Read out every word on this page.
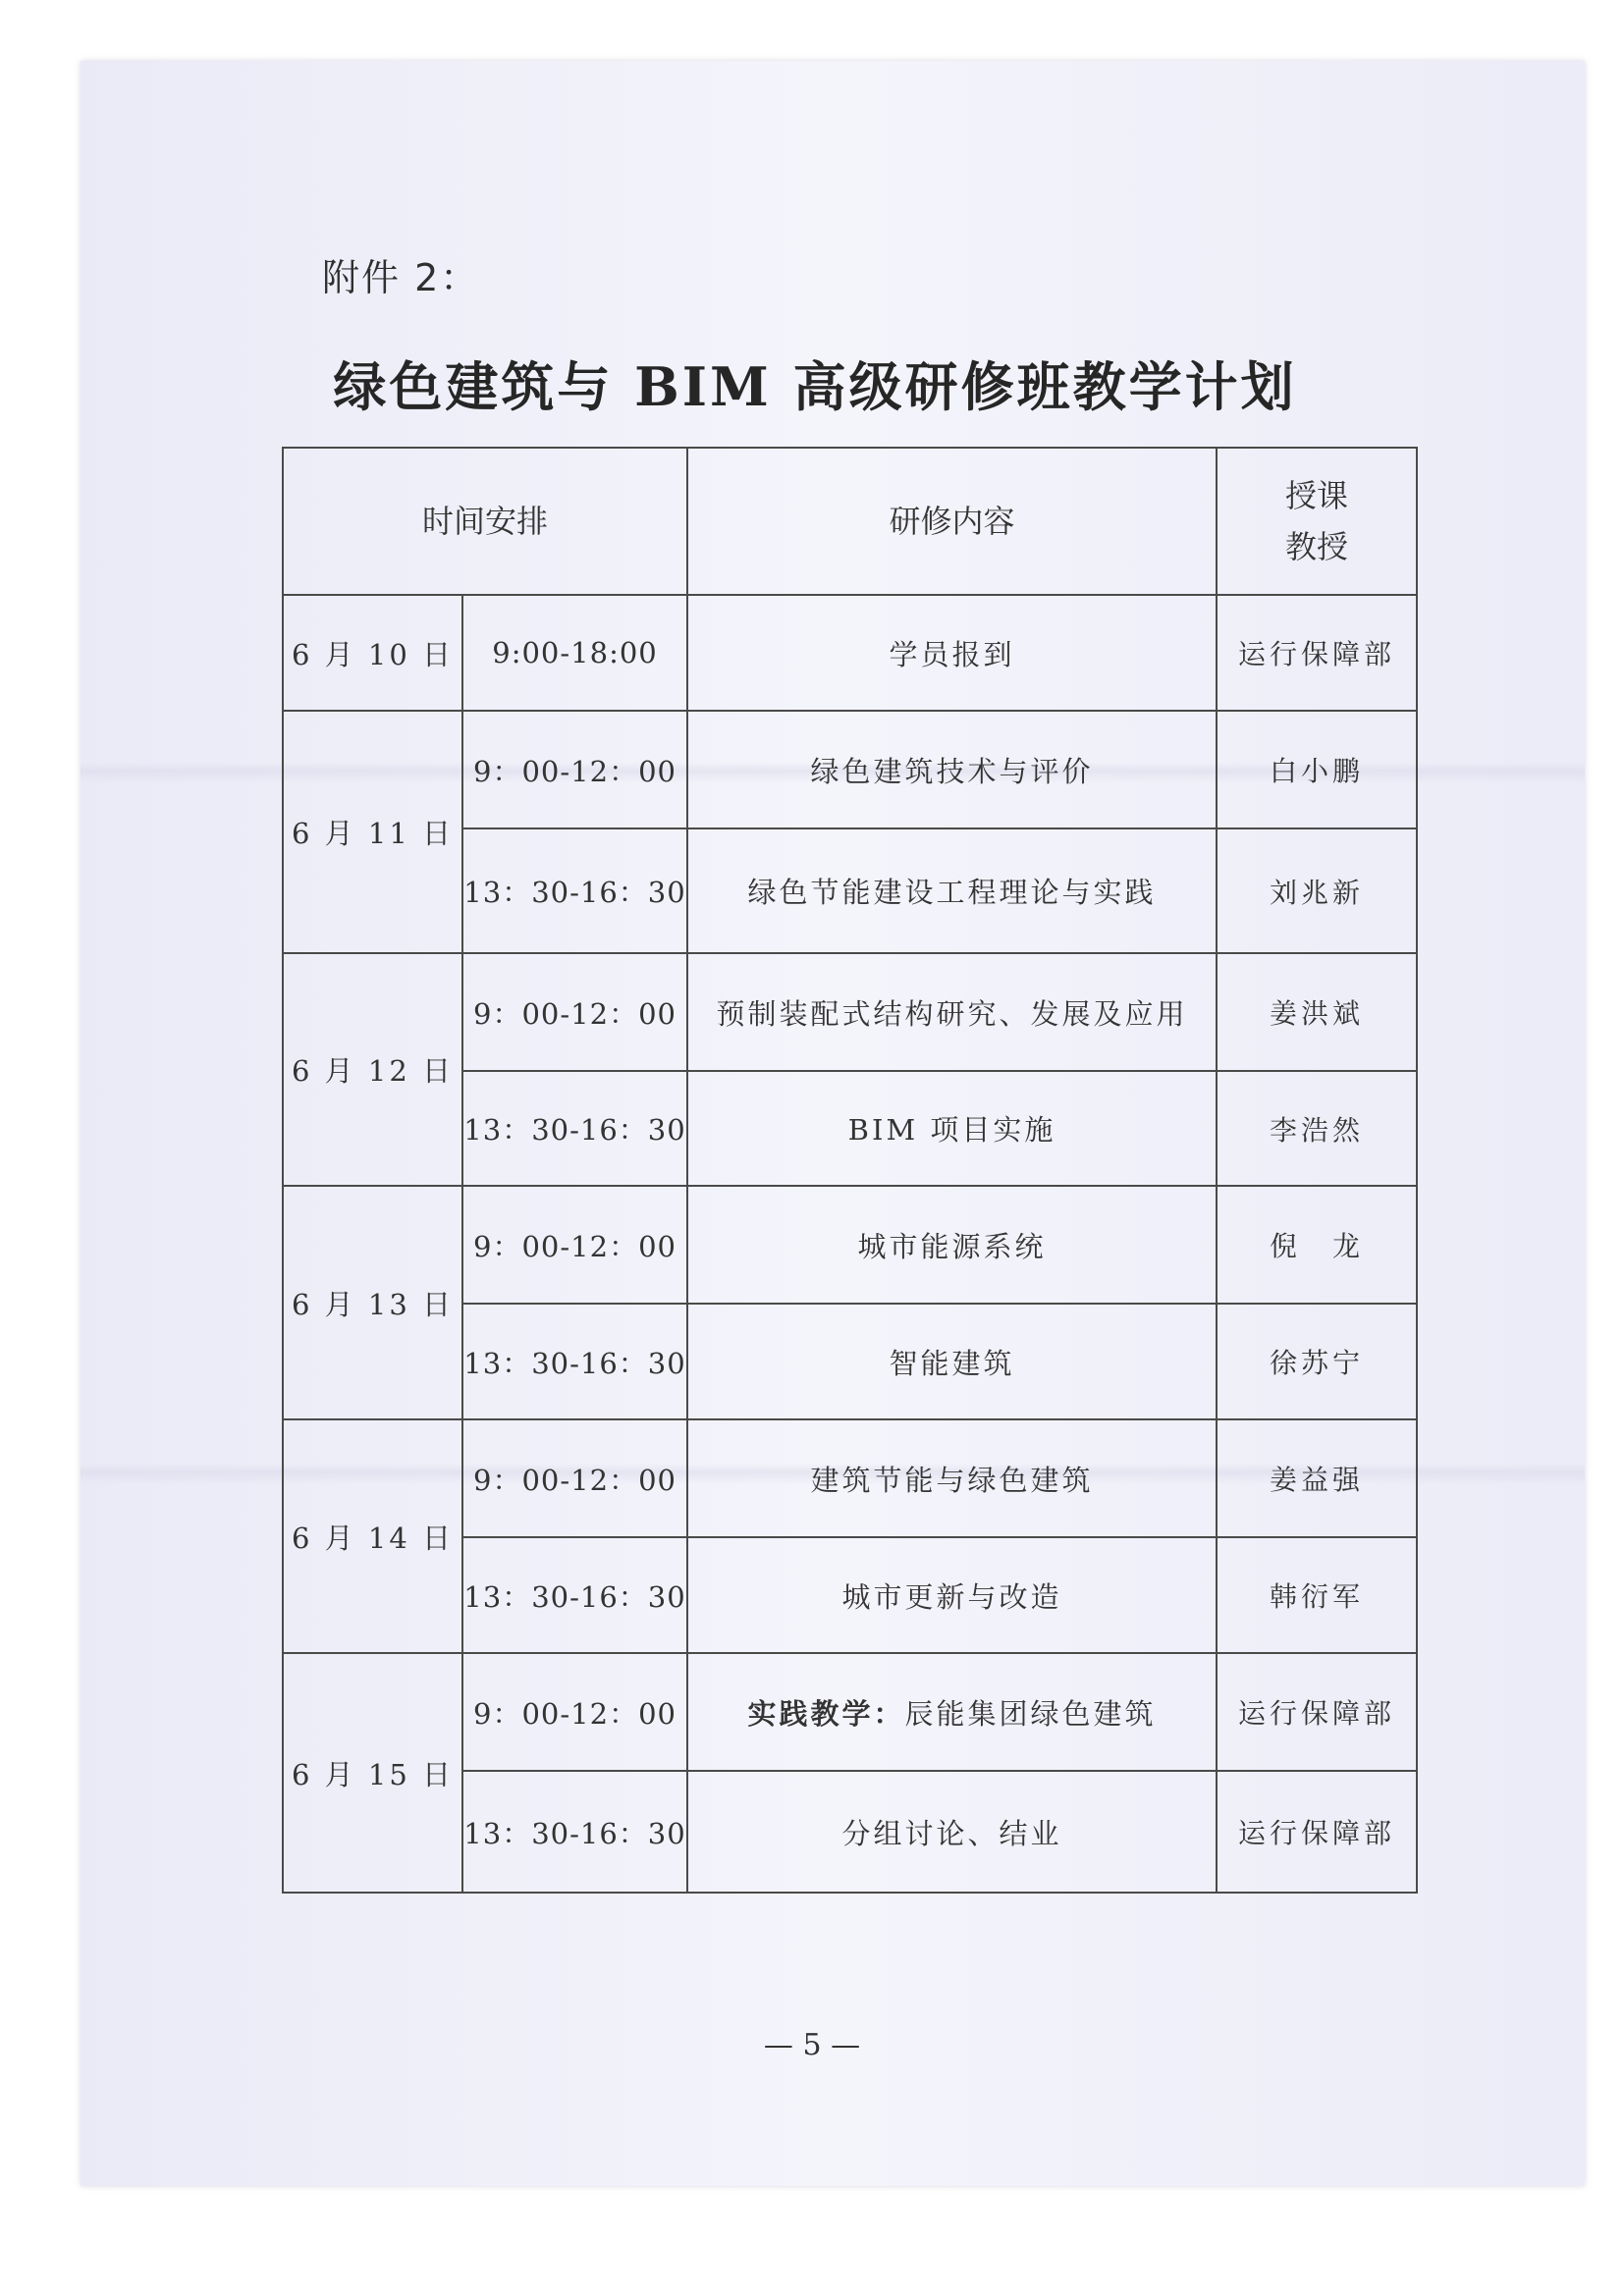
附件 2：
绿色建筑与 BIM 高级研修班教学计划
时间安排		研修内容	授课
教授

6 月 10 日	9:00-18:00	学员报到	运行保障部
6 月 11 日	9：00-12：00	绿色建筑技术与评价	白小鹏
	13：30-16：30	绿色节能建设工程理论与实践	刘兆新
6 月 12 日	9：00-12：00	预制装配式结构研究、发展及应用	姜洪斌
	13：30-16：30	BIM 项目实施	李浩然
6 月 13 日	9：00-12：00	城市能源系统	倪　龙
	13：30-16：30	智能建筑	徐苏宁
6 月 14 日	9：00-12：00	建筑节能与绿色建筑	姜益强
	13：30-16：30	城市更新与改造	韩衍军
6 月 15 日	9：00-12：00	实践教学：辰能集团绿色建筑	运行保障部
	13：30-16：30	分组讨论、结业	运行保障部
— 5 —
